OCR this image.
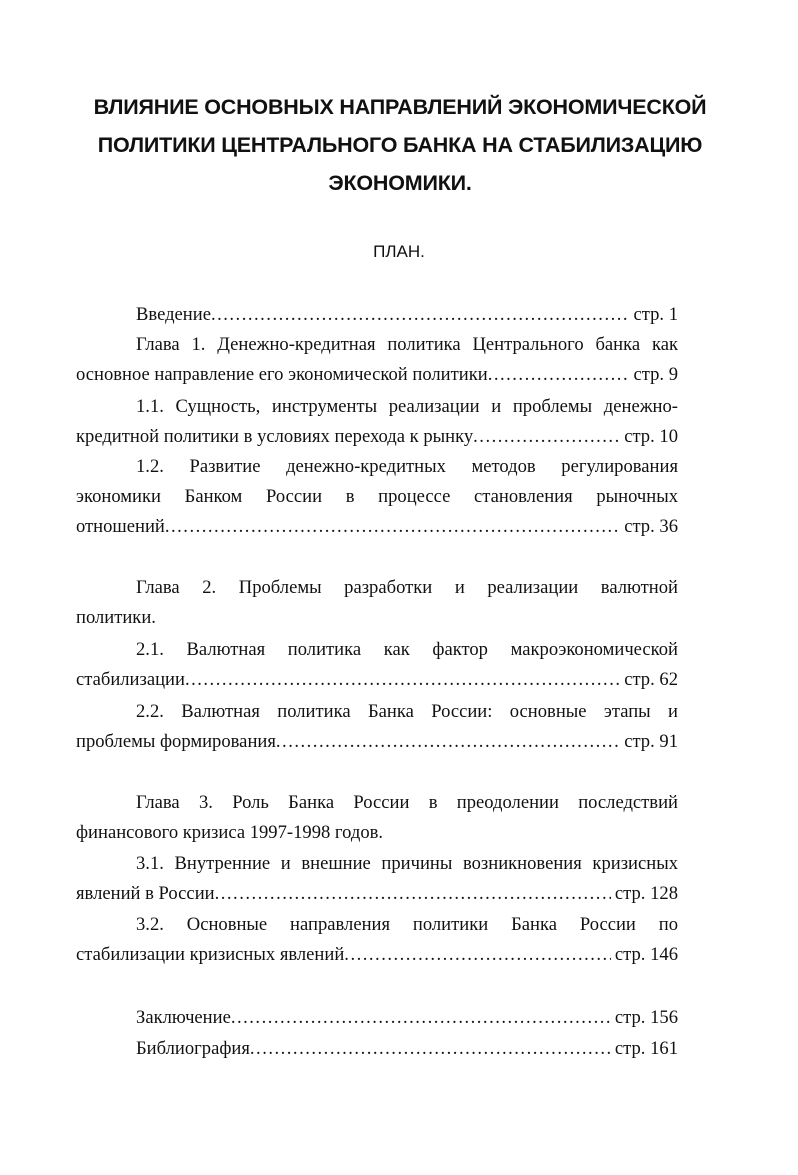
ВЛИЯНИЕ ОСНОВНЫХ НАПРАВЛЕНИЙ ЭКОНОМИЧЕСКОЙ
ПОЛИТИКИ ЦЕНТРАЛЬНОГО БАНКА НА СТАБИЛИЗАЦИЮ
ЭКОНОМИКИ.
ПЛАН.
Введение .....	стр. 1
Глава 1. Денежно-кредитная политика Центрального банка как
основное направление его экономической политики .....	стр. 9
1.1. Сущность, инструменты реализации и проблемы денежно-
кредитной политики в условиях перехода к рынку .....	стр. 10
1.2. Развитие денежно-кредитных методов регулирования
экономики Банком России в процессе становления рыночных
отношений .....	стр. 36
Глава 2. Проблемы разработки и реализации валютной
политики.
2.1. Валютная политика как фактор макроэкономической
стабилизации .....	стр. 62
2.2. Валютная политика Банка России: основные этапы и
проблемы формирования .....	стр. 91
Глава 3. Роль Банка России в преодолении последствий
финансового кризиса 1997-1998 годов.
3.1. Внутренние и внешние причины возникновения кризисных
явлений в России .....	стр. 128
3.2. Основные направления политики Банка России по
стабилизации кризисных явлений .....	стр. 146
Заключение .....	стр. 156
Библиография .....	стр. 161
